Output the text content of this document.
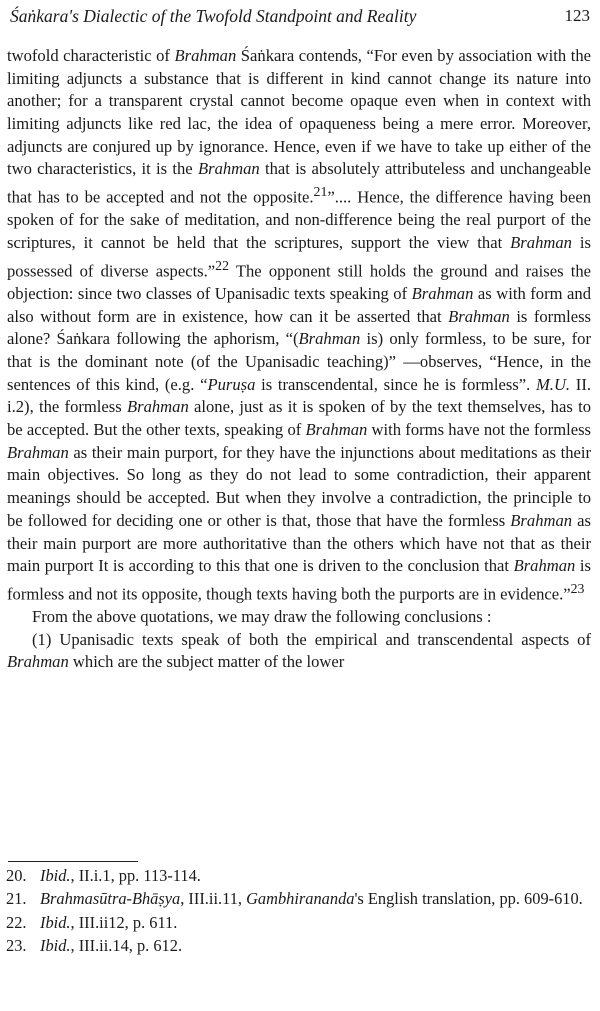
Śaṅkara's Dialectic of the Twofold Standpoint and Reality	123

twofold characteristic of Brahman Śaṅkara contends, “For even by association with the limiting adjuncts a substance that is different in kind cannot change its nature into another; for a transparent crystal cannot become opaque even when in context with limiting adjuncts like red lac, the idea of opaqueness being a mere error. Moreover, adjuncts are conjured up by ignorance. Hence, even if we have to take up either of the two characteristics, it is the Brahman that is absolutely attributeless and unchangeable that has to be accepted and not the opposite.$^{21}$”.... Hence, the difference having been spoken of for the sake of meditation, and non-difference being the real purport of the scriptures, it cannot be held that the scriptures, support the view that Brahman is possessed of diverse aspects.”$^{22}$ The opponent still holds the ground and raises the objection: since two classes of Upanisadic texts speaking of Brahman as with form and also without form are in existence, how can it be asserted that Brahman is formless alone? Śaṅkara following the aphorism, “(Brahman is) only formless, to be sure, for that is the dominant note (of the Upanisadic teaching)” —observes, “Hence, in the sentences of this kind, (e.g. “Puruṣa is transcendental, since he is formless”. M.U. II. i.2), the formless Brahman alone, just as it is spoken of by the text themselves, has to be accepted. But the other texts, speaking of Brahman with forms have not the formless Brahman as their main purport, for they have the injunctions about meditations as their main objectives. So long as they do not lead to some contradiction, their apparent meanings should be accepted. But when they involve a contradiction, the principle to be followed for deciding one or other is that, those that have the formless Brahman as their main purport are more authoritative than the others which have not that as their main purport It is according to this that one is driven to the conclusion that Brahman is formless and not its opposite, though texts having both the purports are in evidence.”$^{23}$

From the above quotations, we may draw the following conclusions :

(1) Upanisadic texts speak of both the empirical and transcendental aspects of Brahman which are the subject matter of the lower

20. Ibid., II.i.1, pp. 113-114.
21. Brahmasūtra-Bhāṣya, III.ii.11, Gambhirananda's English translation, pp. 609-610.
22. Ibid., III.ii12, p. 611.
23. Ibid., III.ii.14, p. 612.
